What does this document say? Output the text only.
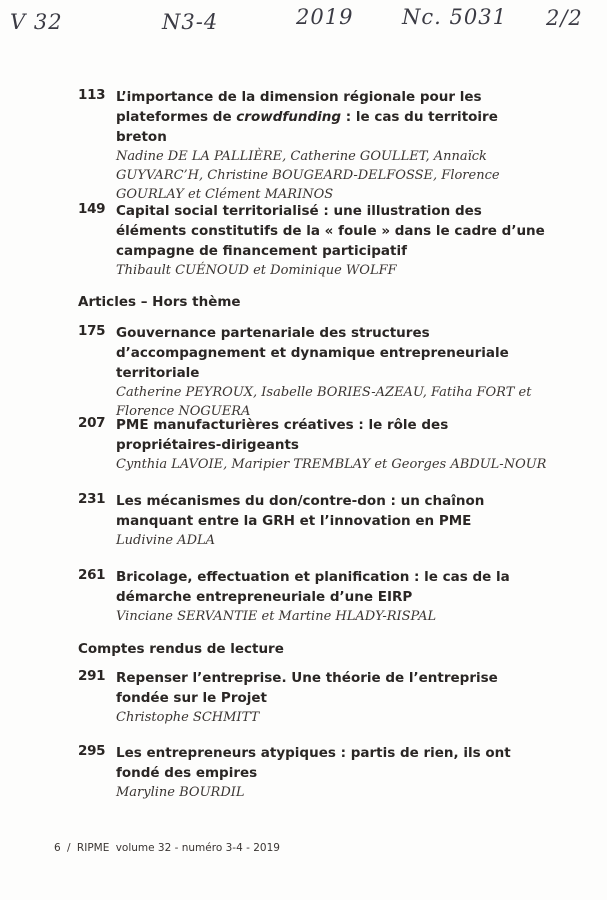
V 32	N3-4	2019 Nc. 5031 2/2
113 L’importance de la dimension régionale pour les plateformes de crowdfunding : le cas du territoire breton
Nadine DE LA PALLIÈRE, Catherine GOULLET, Annaïck GUYVARC’H, Christine BOUGEARD-DELFOSSE, Florence GOURLAY et Clément MARINOS
149 Capital social territorialisé : une illustration des éléments constitutifs de la « foule » dans le cadre d’une campagne de financement participatif
Thibault CUÉNOUD et Dominique WOLFF
Articles – Hors thème
175 Gouvernance partenariale des structures d’accompagnement et dynamique entrepreneuriale territoriale
Catherine PEYROUX, Isabelle BORIES-AZEAU, Fatiha FORT et Florence NOGUERA
207 PME manufacturières créatives : le rôle des propriétaires-dirigeants
Cynthia LAVOIE, Maripier TREMBLAY et Georges ABDUL-NOUR
231 Les mécanismes du don/contre-don : un chaînon manquant entre la GRH et l’innovation en PME
Ludivine ADLA
261 Bricolage, effectuation et planification : le cas de la démarche entrepreneuriale d’une EIRP
Vinciane SERVANTIE et Martine HLADY-RISPAL
Comptes rendus de lecture
291 Repenser l’entreprise. Une théorie de l’entreprise fondée sur le Projet
Christophe SCHMITT
295 Les entrepreneurs atypiques : partis de rien, ils ont fondé des empires
Maryline BOURDIL
6 / RIPME volume 32 - numéro 3-4 - 2019
